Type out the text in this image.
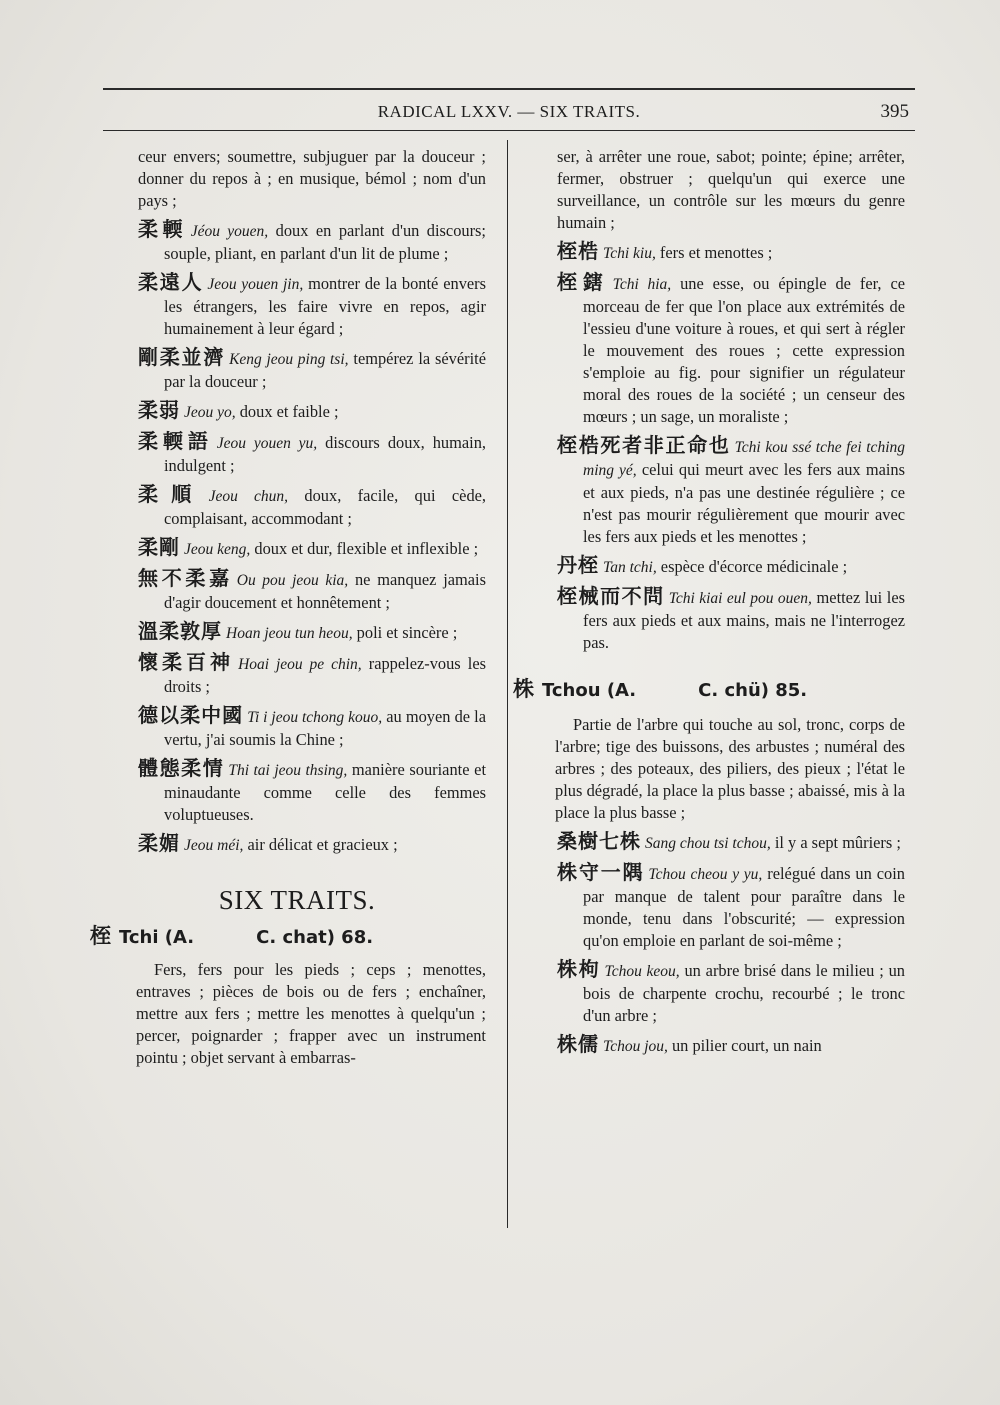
RADICAL LXXV. — SIX TRAITS.	395

ceur envers; soumettre, subjuguer par la douceur ; donner du repos à ; en musique, bémol ; nom d'un pays ;

柔輭 Jéou youen, doux en parlant d'un discours; souple, pliant, en parlant d'un lit de plume ;

柔遠人 Jeou youen jin, montrer de la bonté envers les étrangers, les faire vivre en repos, agir humainement à leur égard ;

剛柔並濟 Keng jeou ping tsi, tempérez la sévérité par la douceur ;

柔弱 Jeou yo, doux et faible ;

柔輭語 Jeou youen yu, discours doux, humain, indulgent ;

柔順 Jeou chun, doux, facile, qui cède, complaisant, accommodant ;

柔剛 Jeou keng, doux et dur, flexible et inflexible ;

無不柔嘉 Ou pou jeou kia, ne manquez jamais d'agir doucement et honnêtement ;

溫柔敦厚 Hoan jeou tun heou, poli et sincère ;

懷柔百神 Hoai jeou pe chin, rappelez-vous les droits ;

德以柔中國 Ti i jeou tchong kouo, au moyen de la vertu, j'ai soumis la Chine ;

體態柔情 Thi tai jeou thsing, manière souriante et minaudante comme celle des femmes voluptueuses.

柔媚 Jeou méi, air délicat et gracieux ;

SIX TRAITS.
桎 Tchi (A.	C. chat) 68.

Fers, fers pour les pieds ; ceps ; menottes, entraves ; pièces de bois ou de fers ; enchaîner, mettre aux fers ; mettre les menottes à quelqu'un ; percer, poignarder ; frapper avec un instrument pointu ; objet servant à embarras-

ser, à arrêter une roue, sabot; pointe; épine; arrêter, fermer, obstruer ; quelqu'un qui exerce une surveillance, un contrôle sur les mœurs du genre humain ;

桎梏 Tchi kiu, fers et menottes ;

桎鎋 Tchi hia, une esse, ou épingle de fer, ce morceau de fer que l'on place aux extrémités de l'essieu d'une voiture à roues, et qui sert à régler le mouvement des roues ; cette expression s'emploie au fig. pour signifier un régulateur moral des roues de la société ; un censeur des mœurs ; un sage, un moraliste ;

桎梏死者非正命也 Tchi kou ssé tche fei tching ming yé, celui qui meurt avec les fers aux mains et aux pieds, n'a pas une destinée régulière ; ce n'est pas mourir régulièrement que mourir avec les fers aux pieds et les menottes ;

丹桎 Tan tchi, espèce d'écorce médicinale ;

桎械而不問 Tchi kiai eul pou ouen, mettez lui les fers aux pieds et aux mains, mais ne l'interrogez pas.

株 Tchou (A.	C. chü) 85.

Partie de l'arbre qui touche au sol, tronc, corps de l'arbre; tige des buissons, des arbustes ; numéral des arbres ; des poteaux, des piliers, des pieux ; l'état le plus dégradé, la place la plus basse ; abaissé, mis à la place la plus basse ;

桑樹七株 Sang chou tsi tchou, il y a sept mûriers ;

株守一隅 Tchou cheou y yu, relégué dans un coin par manque de talent pour paraître dans le monde, tenu dans l'obscurité; — expression qu'on emploie en parlant de soi-même ;

株枸 Tchou keou, un arbre brisé dans le milieu ; un bois de charpente crochu, recourbé ; le tronc d'un arbre ;

株儒 Tchou jou, un pilier court, un nain
